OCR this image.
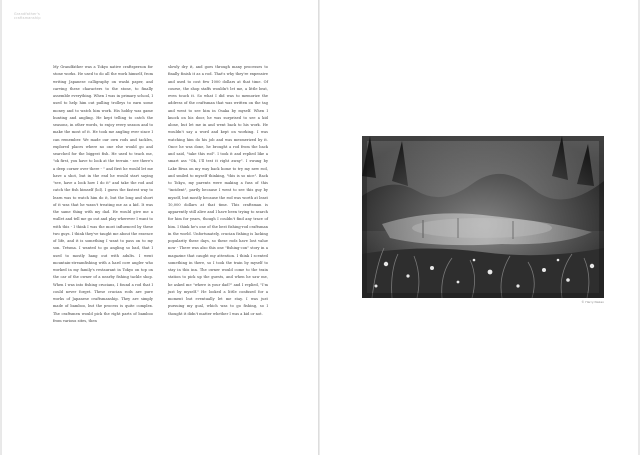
Grandfather's craftsmanship

My Grandfather was a Tokyo native craftsperson for stone works. He used to do all the work himself, from writing Japanese calligraphy on washi paper, and carving these characters to the stone, to finally assemble everything. When I was in primary school, I used to help him out pulling trolleys to earn some money and to watch him work. His hobby was game hunting and angling. He kept telling to catch the seasons, in other words, to enjoy every season and to make the most of it. He took me angling ever since I can remember. We made our own rods and tackles, explored places where no one else would go and searched for the biggest fish. He used to teach me, "ok first, you have to look at the terrain - see there's a deep corner over there - " and first he would let me have a shot, but in the end he would start saying "see, have a look how I do it" and take the rod and catch the fish himself (lol). I guess the fastest way to learn was to watch him do it, but the long and short of it was that he wasn't treating me as a kid. It was the same thing with my dad. He would give me a wallet and tell me go out and play wherever I want to with this - I think I was the most influenced by these two guys. I think they've taught me about the essence of life, and it is something I want to pass on to my son. Tetsma. I wanted to go angling so bad, that I used to mostly hang out with adults. I went mountain-streamfishing with a hard core angler who worked in my family's restaurant in Tokyo on top on the car of the owner of a nearby fishing tackle shop. When I was into fishing crucians, I found a rod that I could never forget. These crucian rods are pure works of Japanese craftsmanship. They are simply made of bamboo, but the process is quite complex. The craftsmen would pick the right parts of bamboo from various sites, then

slowly dry it, and goes through many processes to finally finish it as a rod. That's why they're expensive and used to cost few 1000 dollars at that time. Of course, the shop staffs wouldn't let me, a little brat, even touch it. So what I did was to memorize the address of the craftsman that was written on the tag and went to see him in Osaka by myself. When I knock on his door, he was surprised to see a kid alone, but let me in and went back to his work. He wouldn't say a word and kept on working. I was watching him do his job and was mesmerized by it. Once he was done, he brought a rod from the back and said, "take this rod". I took it and replied like a smart ass "Ok, I'll test it right away". I swung by Lake Biwa on my way back home to try my new rod, and smiled to myself thinking, "this is so nice". Back to Tokyo, my parents were making a fuss of this "incident", partly because I went to see this guy by myself, but mostly because the rod was worth at least 10,000 dollars at that time. This craftsman is apparently still alive and I have been trying to search for him for years, though I couldn't find any trace of him. I think he's one of the best fishing-rod craftsman in the world. Unfortunately, crucian fishing is lacking popularity these days, so these rods have lost value now - There was also this one "fishing-con" story in a magazine that caught my attention. I think I scented something in there, so I took the train by myself to stay in this inn. The owner would come to the train station to pick up the guests, and when he saw me, he asked me "where is your dad?" and I replied, "I'm just by myself." He looked a little confused for a moment but eventually let me stay. I was just pursuing my goal, which was to go fishing, so I thought it didn't matter whether I was a kid or not.

© Harry Nakao
